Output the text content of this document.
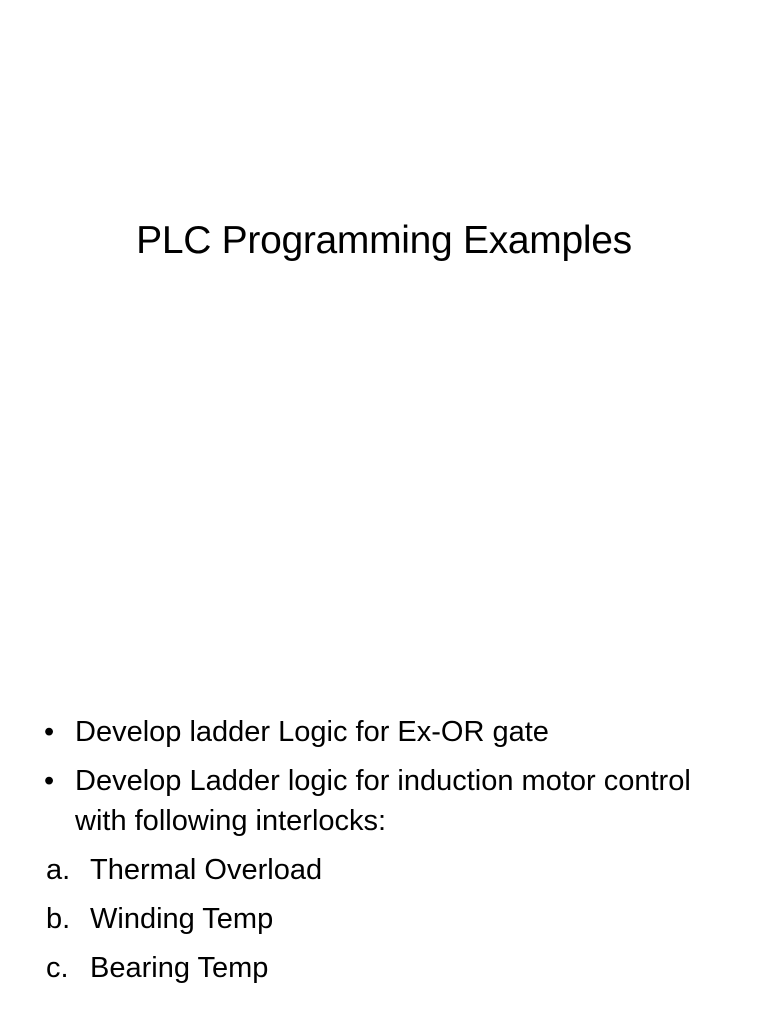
PLC Programming Examples
• Develop ladder Logic for Ex-OR gate
• Develop Ladder logic for induction motor control with following interlocks:
a. Thermal Overload
b. Winding Temp
c. Bearing Temp
